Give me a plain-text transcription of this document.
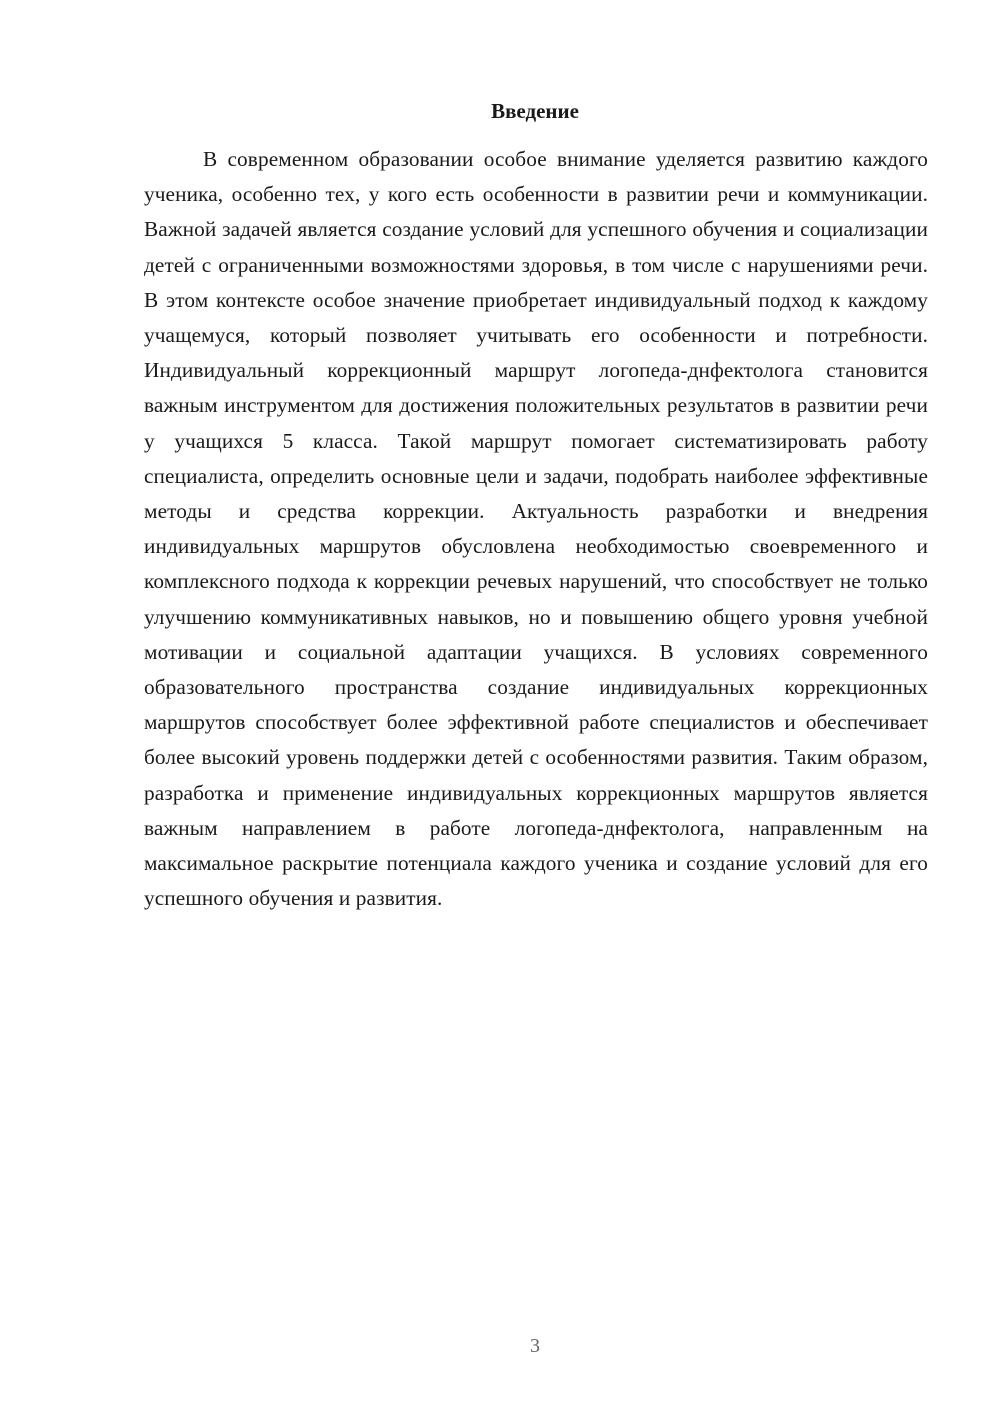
Введение

В современном образовании особое внимание уделяется развитию каждого ученика, особенно тех, у кого есть особенности в развитии речи и коммуникации. Важной задачей является создание условий для успешного обучения и социализации детей с ограниченными возможностями здоровья, в том числе с нарушениями речи. В этом контексте особое значение приобретает индивидуальный подход к каждому учащемуся, который позволяет учитывать его особенности и потребности. Индивидуальный коррекционный маршрут логопеда-днфектолога становится важным инструментом для достижения положительных результатов в развитии речи у учащихся 5 класса. Такой маршрут помогает систематизировать работу специалиста, определить основные цели и задачи, подобрать наиболее эффективные методы и средства коррекции. Актуальность разработки и внедрения индивидуальных маршрутов обусловлена необходимостью своевременного и комплексного подхода к коррекции речевых нарушений, что способствует не только улучшению коммуникативных навыков, но и повышению общего уровня учебной мотивации и социальной адаптации учащихся. В условиях современного образовательного пространства создание индивидуальных коррекционных маршрутов способствует более эффективной работе специалистов и обеспечивает более высокий уровень поддержки детей с особенностями развития. Таким образом, разработка и применение индивидуальных коррекционных маршрутов является важным направлением в работе логопеда-днфектолога, направленным на максимальное раскрытие потенциала каждого ученика и создание условий для его успешного обучения и развития.

3
